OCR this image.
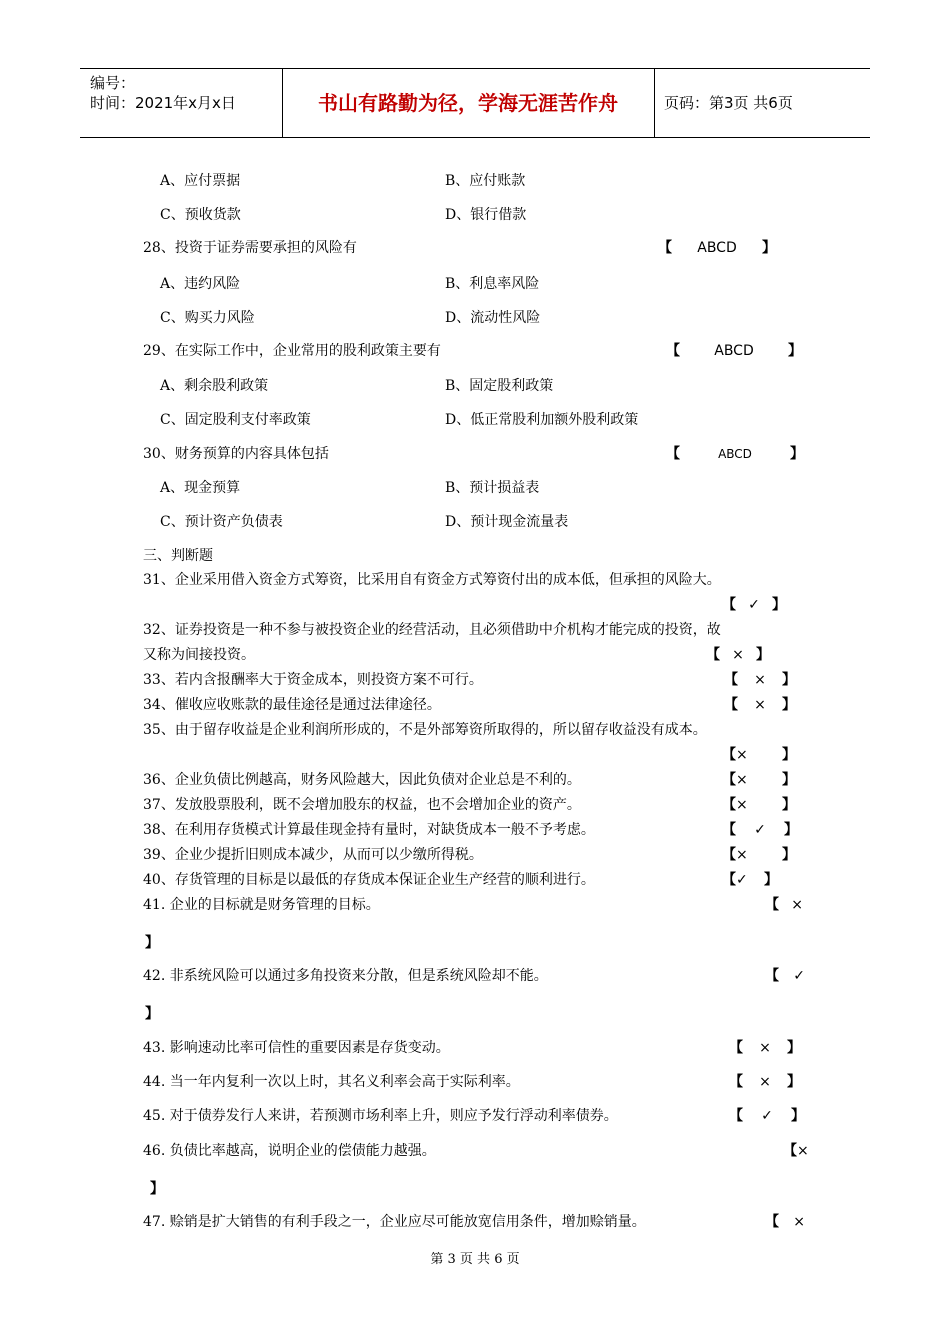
编号：
时间：2021年x月x日	书山有路勤为径，学海无涯苦作舟	页码：第3页 共6页
A、应付票据	B、应付账款
C、预收货款	D、银行借款
28、投资于证券需要承担的风险有	【 ABCD 】
A、违约风险	B、利息率风险
C、购买力风险	D、流动性风险
29、在实际工作中，企业常用的股利政策主要有	【 ABCD 】
A、剩余股利政策	B、固定股利政策
C、固定股利支付率政策	D、低正常股利加额外股利政策
30、财务预算的内容具体包括	【	ABCD	】
A、现金预算	B、预计损益表
C、预计资产负债表	D、预计现金流量表
三、判断题
31、企业采用借入资金方式筹资，比采用自有资金方式筹资付出的成本低，但承担的风险大。
【 ✓ 】
32、证券投资是一种不参与被投资企业的经营活动，且必须借助中介机构才能完成的投资，故
又称为间接投资。	【 × 】
33、若内含报酬率大于资金成本，则投资方案不可行。	【 × 】
34、催收应收账款的最佳途径是通过法律途径。	【 × 】
35、由于留存收益是企业利润所形成的，不是外部筹资所取得的，所以留存收益没有成本。
【× 】
36、企业负债比例越高，财务风险越大，因此负债对企业总是不利的。	【× 】
37、发放股票股利，既不会增加股东的权益，也不会增加企业的资产。	【× 】
38、在利用存货模式计算最佳现金持有量时，对缺货成本一般不予考虑。	【 ✓ 】
39、企业少提折旧则成本减少，从而可以少缴所得税。	【× 】
40、存货管理的目标是以最低的存货成本保证企业生产经营的顺利进行。	【✓ 】
41. 企业的目标就是财务管理的目标。	【 ×
】
42. 非系统风险可以通过多角投资来分散，但是系统风险却不能。	【 ✓
】
43. 影响速动比率可信性的重要因素是存货变动。	【 × 】
44. 当一年内复利一次以上时，其名义利率会高于实际利率。	【 × 】
45. 对于债券发行人来讲，若预测市场利率上升，则应予发行浮动利率债券。	【 ✓ 】
46. 负债比率越高，说明企业的偿债能力越强。	【×
】
47. 赊销是扩大销售的有利手段之一，企业应尽可能放宽信用条件，增加赊销量。	【 ×
第 3 页 共 6 页
